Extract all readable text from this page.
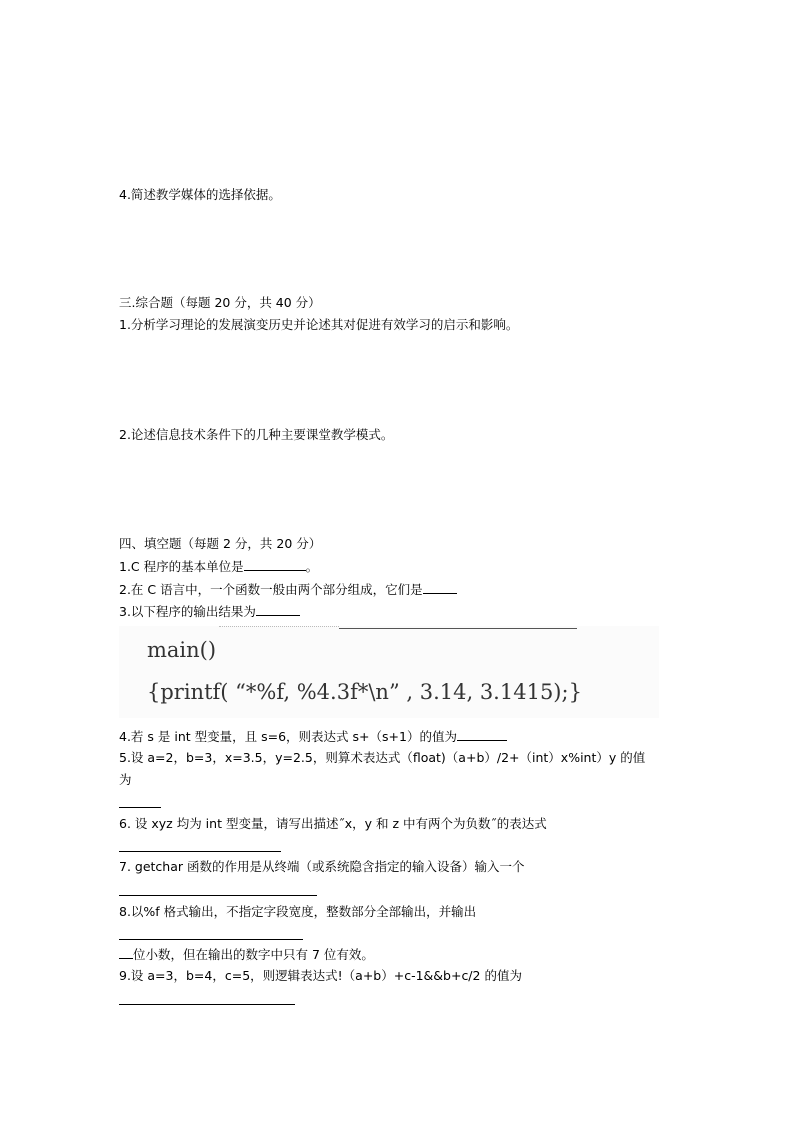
4.简述教学媒体的选择依据。
三.综合题（每题 20 分，共 40 分）
1.分析学习理论的发展演变历史并论述其对促进有效学习的启示和影响。
2.论述信息技术条件下的几种主要课堂教学模式。
四、填空题（每题 2 分，共 20 分）
1.C 程序的基本单位是	。
2.在 C 语言中，一个函数一般由两个部分组成，它们是
3.以下程序的输出结果为
main()
{printf( “*%f, %4.3f*\n” , 3.14, 3.1415);}
4.若 s 是 int 型变量，且 s=6，则表达式 s+（s+1）的值为
5.设 a=2，b=3，x=3.5，y=2.5，则算术表达式（float)（a+b）/2+（int）x%int）y 的值
为
6. 设 xyz 均为 int 型变量，请写出描述˝x，y 和 z 中有两个为负数˝的表达式
7. getchar 函数的作用是从终端（或系统隐含指定的输入设备）输入一个
8.以%f 格式输出，不指定字段宽度，整数部分全部输出，并输出
位小数，但在输出的数字中只有 7 位有效。
9.设 a=3，b=4，c=5，则逻辑表达式!（a+b）+c-1&&b+c/2 的值为
